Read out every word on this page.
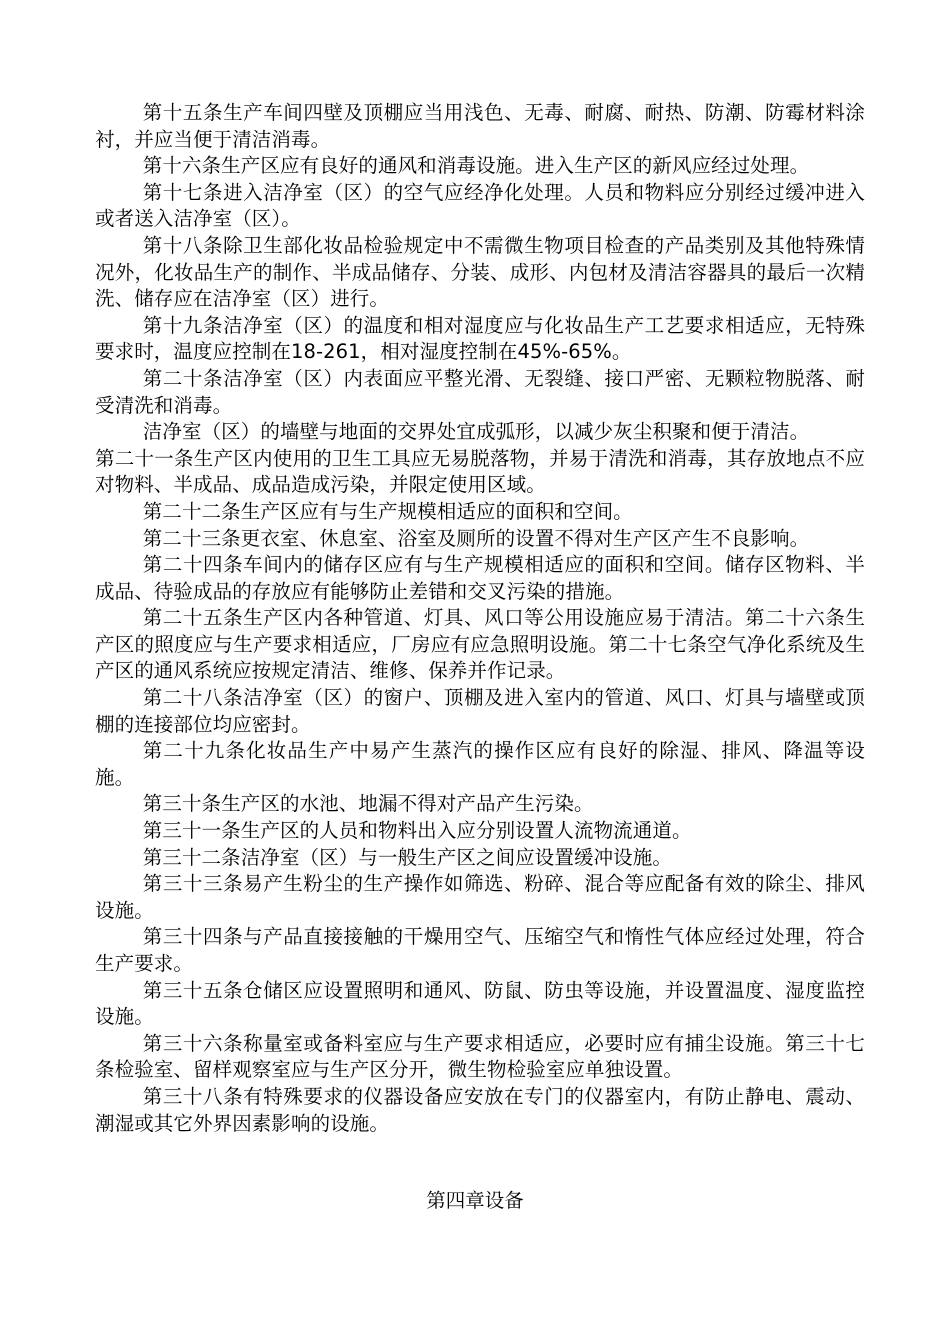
第十五条生产车间四壁及顶棚应当用浅色、无毒、耐腐、耐热、防潮、防霉材料涂衬，并应当便于清洁消毒。

第十六条生产区应有良好的通风和消毒设施。进入生产区的新风应经过处理。

第十七条进入洁净室（区）的空气应经净化处理。人员和物料应分别经过缓冲进入或者送入洁净室（区）。

第十八条除卫生部化妆品检验规定中不需微生物项目检查的产品类别及其他特殊情况外，化妆品生产的制作、半成品储存、分装、成形、内包材及清洁容器具的最后一次精洗、储存应在洁净室（区）进行。

第十九条洁净室（区）的温度和相对湿度应与化妆品生产工艺要求相适应，无特殊要求时，温度应控制在18-261，相对湿度控制在45%-65%。

第二十条洁净室（区）内表面应平整光滑、无裂缝、接口严密、无颗粒物脱落、耐受清洗和消毒。

洁净室（区）的墙壁与地面的交界处宜成弧形，以减少灰尘积聚和便于清洁。

第二十一条生产区内使用的卫生工具应无易脱落物，并易于清洗和消毒，其存放地点不应对物料、半成品、成品造成污染，并限定使用区域。

第二十二条生产区应有与生产规模相适应的面积和空间。

第二十三条更衣室、休息室、浴室及厕所的设置不得对生产区产生不良影响。

第二十四条车间内的储存区应有与生产规模相适应的面积和空间。储存区物料、半成品、待验成品的存放应有能够防止差错和交叉污染的措施。

第二十五条生产区内各种管道、灯具、风口等公用设施应易于清洁。第二十六条生产区的照度应与生产要求相适应，厂房应有应急照明设施。第二十七条空气净化系统及生产区的通风系统应按规定清洁、维修、保养并作记录。

第二十八条洁净室（区）的窗户、顶棚及进入室内的管道、风口、灯具与墙壁或顶棚的连接部位均应密封。

第二十九条化妆品生产中易产生蒸汽的操作区应有良好的除湿、排风、降温等设施。

第三十条生产区的水池、地漏不得对产品产生污染。

第三十一条生产区的人员和物料出入应分别设置人流物流通道。

第三十二条洁净室（区）与一般生产区之间应设置缓冲设施。

第三十三条易产生粉尘的生产操作如筛选、粉碎、混合等应配备有效的除尘、排风设施。

第三十四条与产品直接接触的干燥用空气、压缩空气和惰性气体应经过处理，符合生产要求。

第三十五条仓储区应设置照明和通风、防鼠、防虫等设施，并设置温度、湿度监控设施。

第三十六条称量室或备料室应与生产要求相适应，必要时应有捕尘设施。第三十七条检验室、留样观察室应与生产区分开，微生物检验室应单独设置。

第三十八条有特殊要求的仪器设备应安放在专门的仪器室内，有防止静电、震动、潮湿或其它外界因素影响的设施。

第四章设备
